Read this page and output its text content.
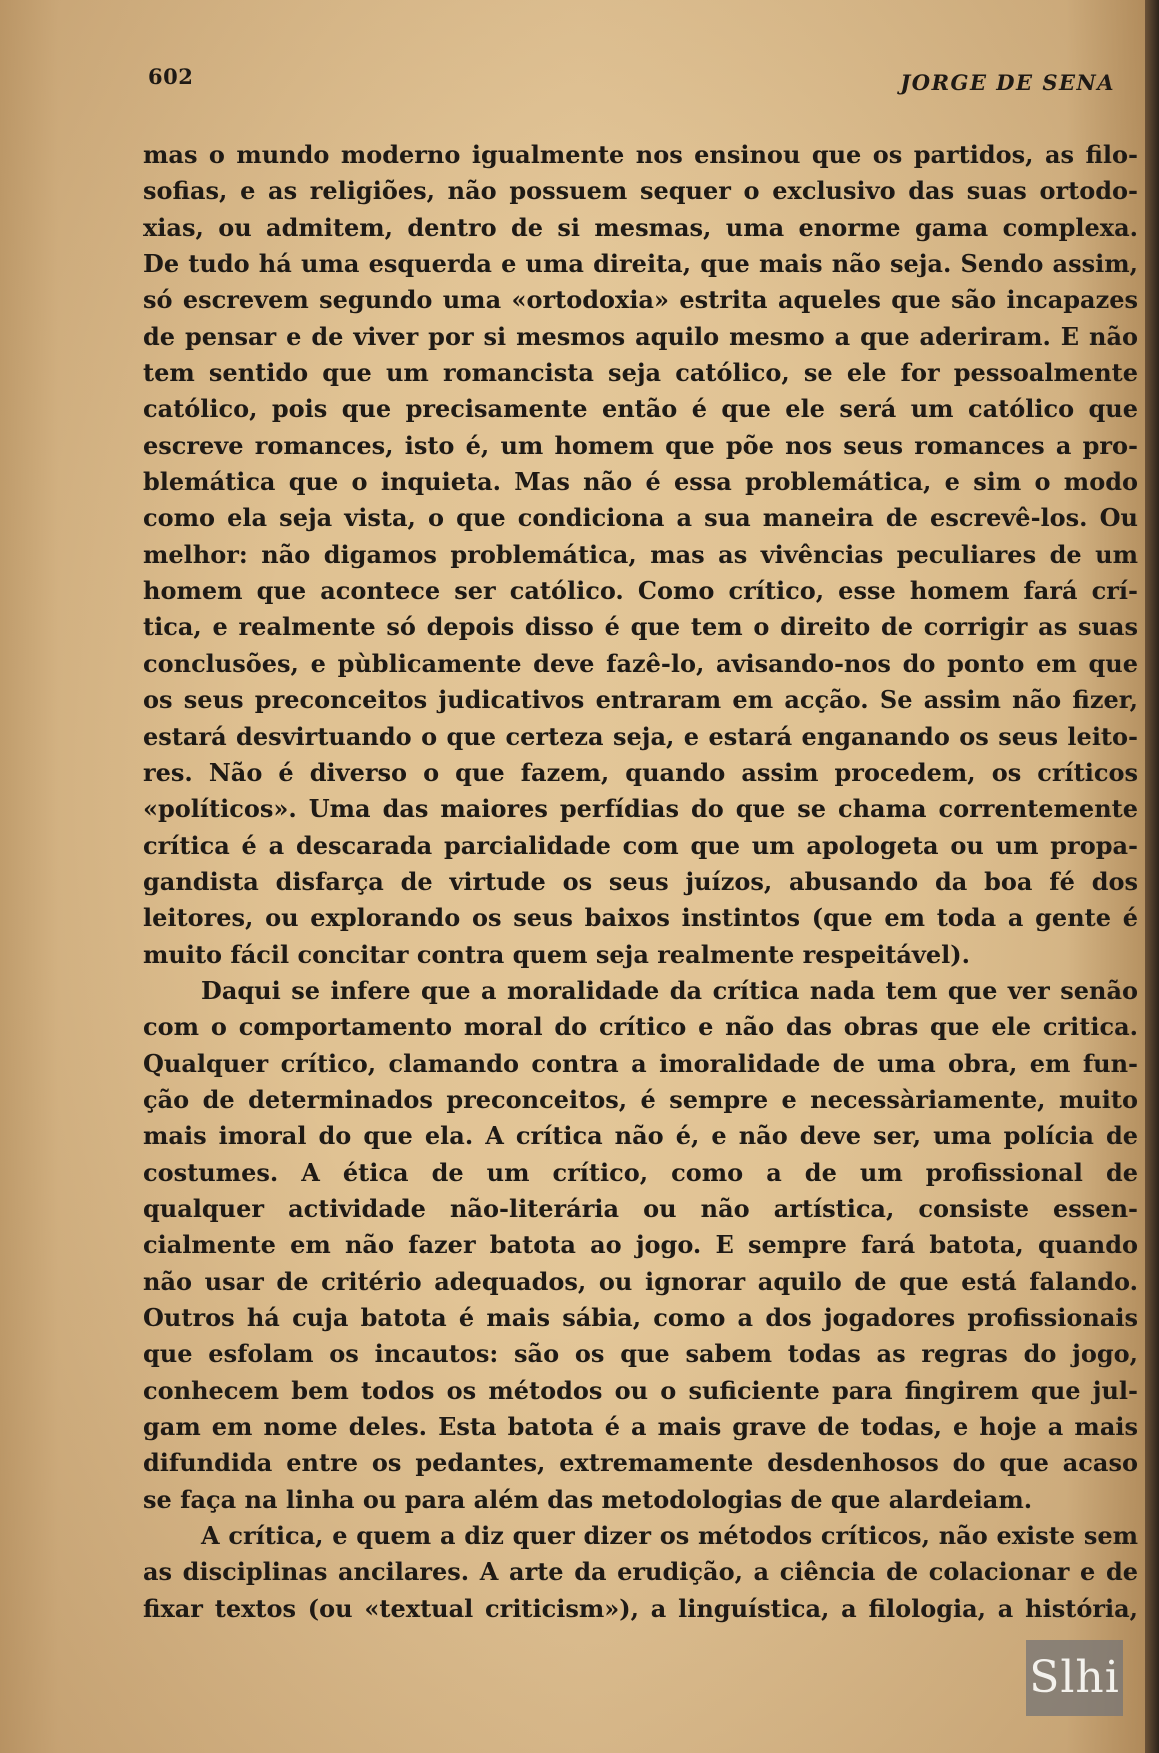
602	JORGE DE SENA
mas o mundo moderno igualmente nos ensinou que os partidos, as filo-
sofias, e as religiões, não possuem sequer o exclusivo das suas ortodo-
xias, ou admitem, dentro de si mesmas, uma enorme gama complexa.
De tudo há uma esquerda e uma direita, que mais não seja. Sendo assim,
só escrevem segundo uma «ortodoxia» estrita aqueles que são incapazes
de pensar e de viver por si mesmos aquilo mesmo a que aderiram. E não
tem sentido que um romancista seja católico, se ele for pessoalmente
católico, pois que precisamente então é que ele será um católico que
escreve romances, isto é, um homem que põe nos seus romances a pro-
blemática que o inquieta. Mas não é essa problemática, e sim o modo
como ela seja vista, o que condiciona a sua maneira de escrevê-los. Ou
melhor: não digamos problemática, mas as vivências peculiares de um
homem que acontece ser católico. Como crítico, esse homem fará crí-
tica, e realmente só depois disso é que tem o direito de corrigir as suas
conclusões, e pùblicamente deve fazê-lo, avisando-nos do ponto em que
os seus preconceitos judicativos entraram em acção. Se assim não fizer,
estará desvirtuando o que certeza seja, e estará enganando os seus leito-
res. Não é diverso o que fazem, quando assim procedem, os críticos
«políticos». Uma das maiores perfídias do que se chama correntemente
crítica é a descarada parcialidade com que um apologeta ou um propa-
gandista disfarça de virtude os seus juízos, abusando da boa fé dos
leitores, ou explorando os seus baixos instintos (que em toda a gente é
muito fácil concitar contra quem seja realmente respeitável).
Daqui se infere que a moralidade da crítica nada tem que ver senão
com o comportamento moral do crítico e não das obras que ele critica.
Qualquer crítico, clamando contra a imoralidade de uma obra, em fun-
ção de determinados preconceitos, é sempre e necessàriamente, muito
mais imoral do que ela. A crítica não é, e não deve ser, uma polícia de
costumes. A ética de um crítico, como a de um profissional de
qualquer actividade não-literária ou não artística, consiste essen-
cialmente em não fazer batota ao jogo. E sempre fará batota, quando
não usar de critério adequados, ou ignorar aquilo de que está falando.
Outros há cuja batota é mais sábia, como a dos jogadores profissionais
que esfolam os incautos: são os que sabem todas as regras do jogo,
conhecem bem todos os métodos ou o suficiente para fingirem que jul-
gam em nome deles. Esta batota é a mais grave de todas, e hoje a mais
difundida entre os pedantes, extremamente desdenhosos do que acaso
se faça na linha ou para além das metodologias de que alardeiam.
A crítica, e quem a diz quer dizer os métodos críticos, não existe sem
as disciplinas ancilares. A arte da erudição, a ciência de colacionar e de
fixar textos (ou «textual criticism»), a linguística, a filologia, a história,
Slhi
